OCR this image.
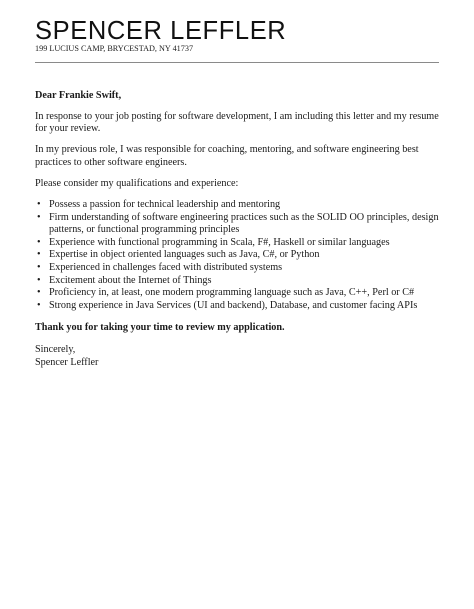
SPENCER LEFFLER
199 LUCIUS CAMP, BRYCESTAD, NY 41737

Dear Frankie Swift,

In response to your job posting for software development, I am including this letter and my resume for your review.

In my previous role, I was responsible for coaching, mentoring, and software engineering best practices to other software engineers.

Please consider my qualifications and experience:

• Possess a passion for technical leadership and mentoring
• Firm understanding of software engineering practices such as the SOLID OO principles, design patterns, or functional programming principles
• Experience with functional programming in Scala, F#, Haskell or similar languages
• Expertise in object oriented languages such as Java, C#, or Python
• Experienced in challenges faced with distributed systems
• Excitement about the Internet of Things
• Proficiency in, at least, one modern programming language such as Java, C++, Perl or C#
• Strong experience in Java Services (UI and backend), Database, and customer facing APIs

Thank you for taking your time to review my application.

Sincerely,

Spencer Leffler
